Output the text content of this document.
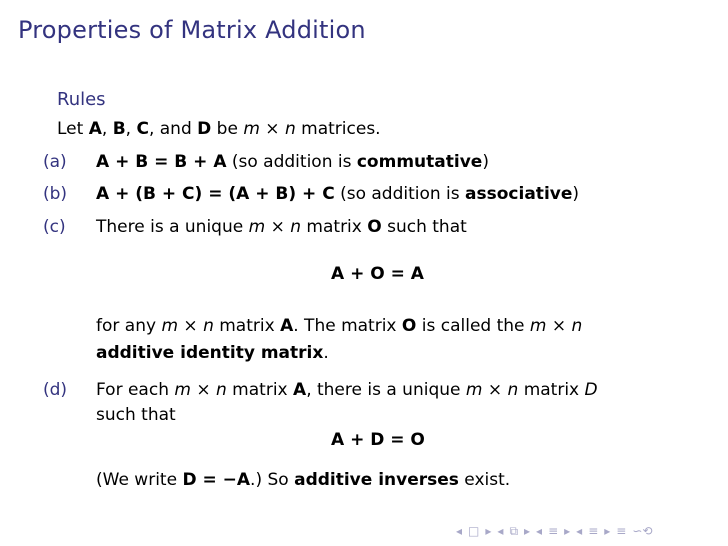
Properties of Matrix Addition
Rules
Let A, B, C, and D be m × n matrices.
(a) A + B = B + A (so addition is commutative)
(b) A + (B + C) = (A + B) + C (so addition is associative)
(c) There is a unique m × n matrix O such that
A + O = A
for any m × n matrix A. The matrix O is called the m × n
additive identity matrix.
(d) For each m × n matrix A, there is a unique m × n matrix D
such that
A + D = O
(We write D = −A.) So additive inverses exist.
◂ □ ▸ ◂ ⧉ ▸ ◂ ≡ ▸ ◂ ≡ ▸ ≡ ∽⟲
